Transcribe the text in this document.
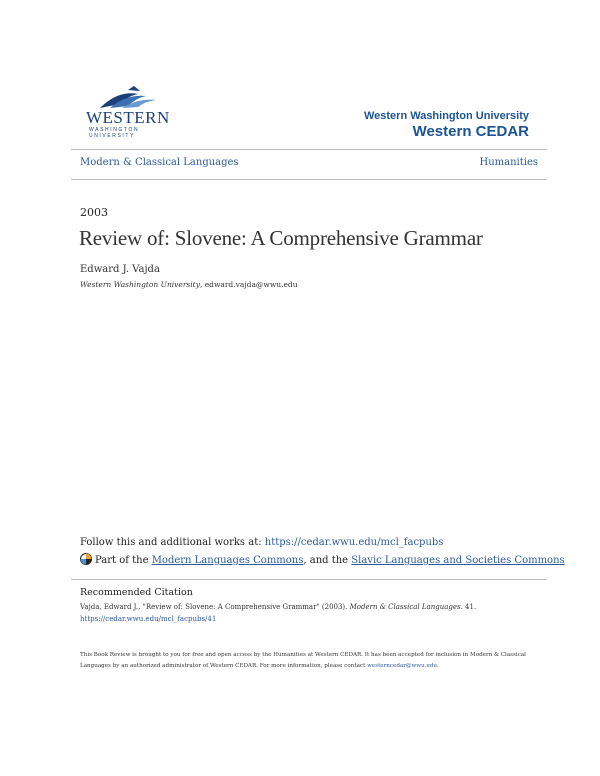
WESTERN
WASHINGTON UNIVERSITY
Western Washington University
Western CEDAR
Modern & Classical Languages	Humanities
2003
Review of: Slovene: A Comprehensive Grammar
Edward J. Vajda
Western Washington University, edward.vajda@wwu.edu
Follow this and additional works at: https://cedar.wwu.edu/mcl_facpubs
Part of the Modern Languages Commons, and the Slavic Languages and Societies Commons
Recommended Citation
Vajda, Edward J., "Review of: Slovene: A Comprehensive Grammar" (2003). Modern & Classical Languages. 41.
https://cedar.wwu.edu/mcl_facpubs/41
This Book Review is brought to you for free and open access by the Humanities at Western CEDAR. It has been accepted for inclusion in Modern & Classical Languages by an authorized administrator of Western CEDAR. For more information, please contact westerncedar@wwu.edu.
